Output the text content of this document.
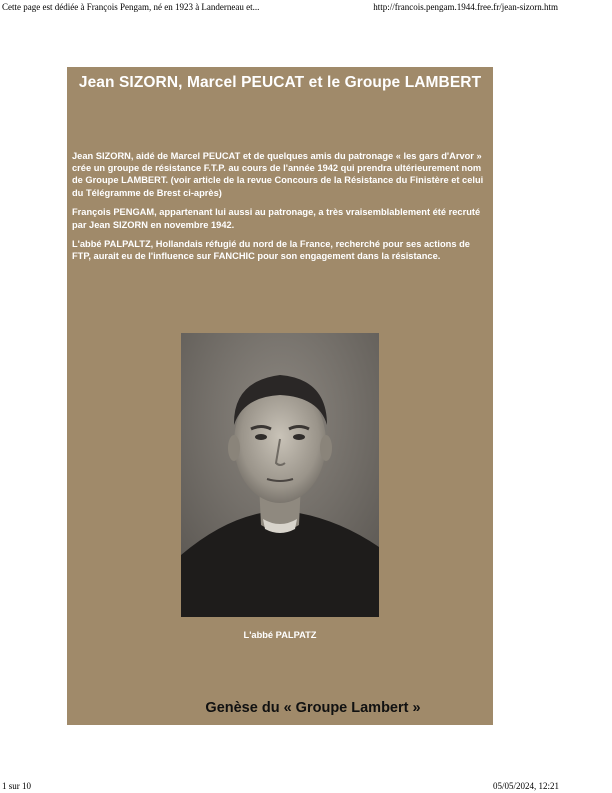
Cette page est dédiée à François Pengam, né en 1923 à Landerneau et...	http://francois.pengam.1944.free.fr/jean-sizorn.htm
Jean SIZORN, Marcel PEUCAT et le Groupe LAMBERT

Jean SIZORN, aidé de Marcel PEUCAT et de quelques amis du patronage « les gars d'Arvor » crée un groupe de résistance F.T.P. au cours de l'année 1942 qui prendra ultérieurement nom de Groupe LAMBERT. (voir article de la revue Concours de la Résistance du Finistère et celui du Télégramme de Brest ci-après)

François PENGAM, appartenant lui aussi au patronage, a très vraisemblablement été recruté par Jean SIZORN en novembre 1942.

L'abbé PALPALTZ, Hollandais réfugié du nord de la France, recherché pour ses actions de FTP, aurait eu de l'influence sur FANCHIC pour son engagement dans la résistance.

L'abbé PALPATZ
Genèse du « Groupe Lambert »
1 sur 10	05/05/2024, 12:21
